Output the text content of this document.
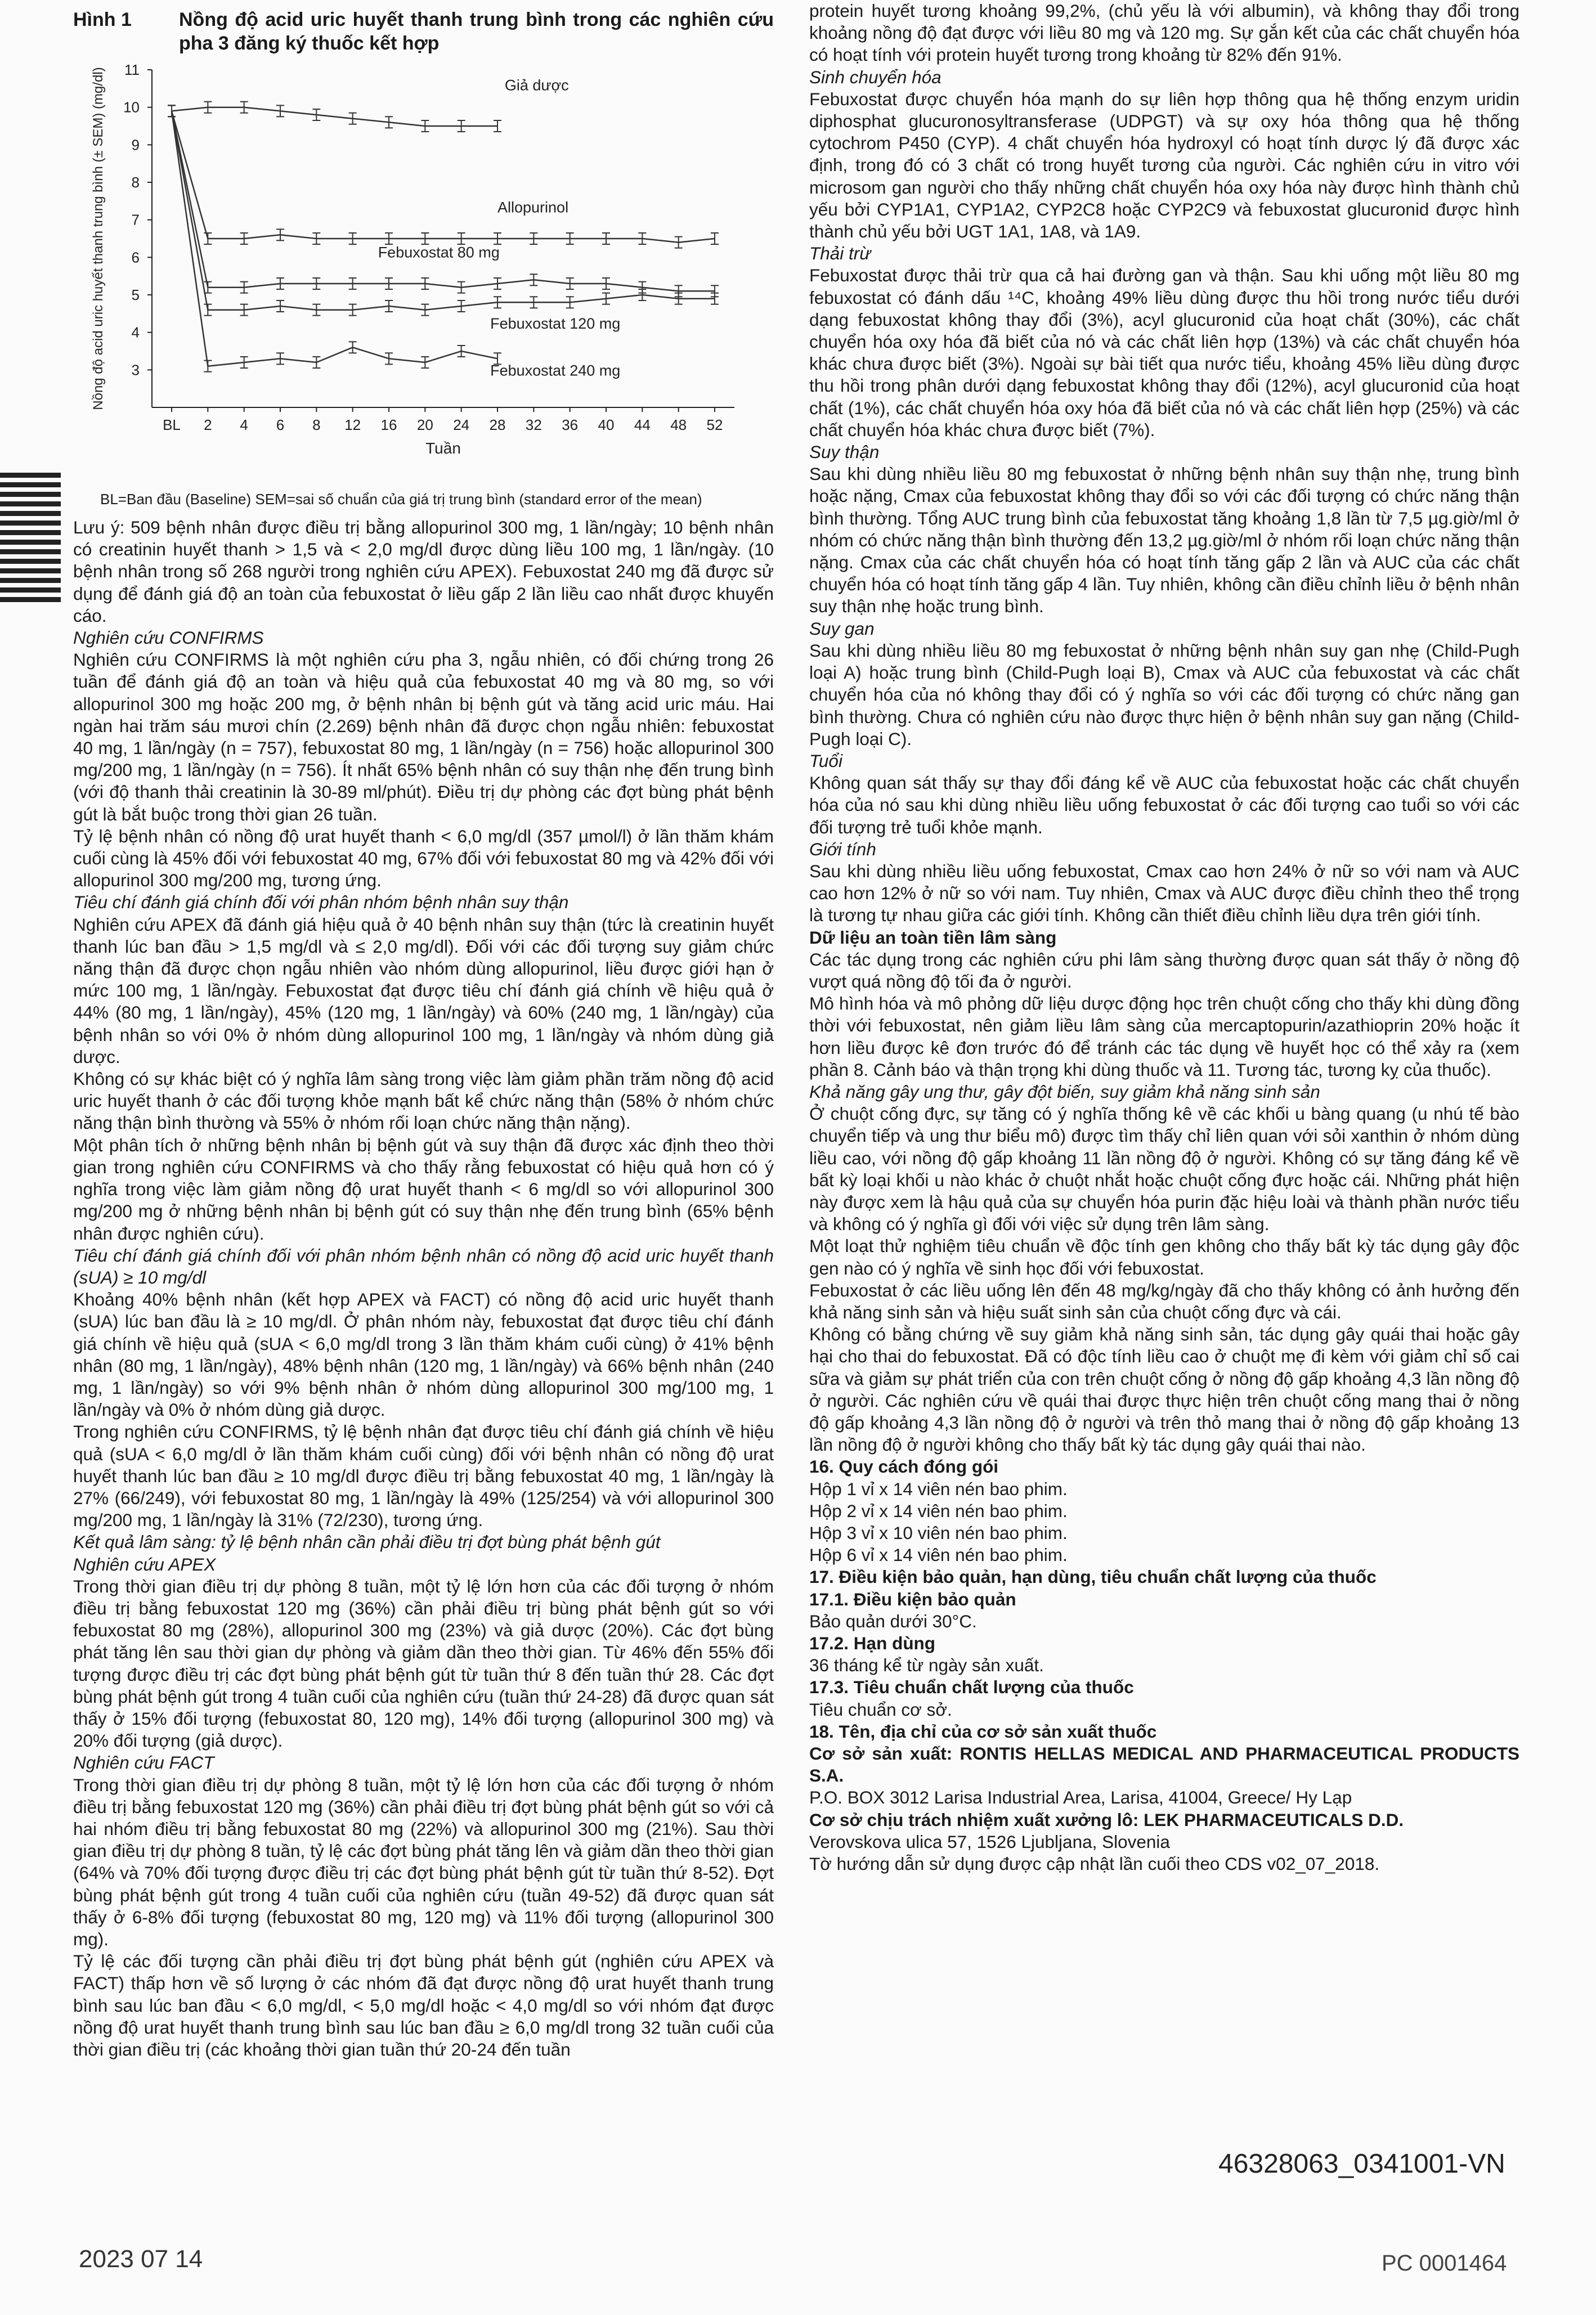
Hình 1	Nồng độ acid uric huyết thanh trung bình trong các nghiên cứu pha 3 đăng ký thuốc kết hợp
3
4
5
6
7
8
9
10
11
BL 2 4 6 8 12 16 20 24 28 32 36 40 44 48 52
Tuần
Nồng độ acid uric huyết thanh trung bình (± SEM) (mg/dl)	Giả dược
Allopurinol
Febuxostat 80 mg
Febuxostat 120 mg
Febuxostat 240 mg
BL=Ban đầu (Baseline) SEM=sai số chuẩn của giá trị trung bình (standard error of the mean)

Lưu ý: 509 bệnh nhân được điều trị bằng allopurinol 300 mg, 1 lần/ngày; 10 bệnh nhân có creatinin huyết thanh > 1,5 và < 2,0 mg/dl được dùng liều 100 mg, 1 lần/ngày. (10 bệnh nhân trong số 268 người trong nghiên cứu APEX). Febuxostat 240 mg đã được sử dụng để đánh giá độ an toàn của febuxostat ở liều gấp 2 lần liều cao nhất được khuyến cáo.

Nghiên cứu CONFIRMS

Nghiên cứu CONFIRMS là một nghiên cứu pha 3, ngẫu nhiên, có đối chứng trong 26 tuần để đánh giá độ an toàn và hiệu quả của febuxostat 40 mg và 80 mg, so với allopurinol 300 mg hoặc 200 mg, ở bệnh nhân bị bệnh gút và tăng acid uric máu. Hai ngàn hai trăm sáu mươi chín (2.269) bệnh nhân đã được chọn ngẫu nhiên: febuxostat 40 mg, 1 lần/ngày (n = 757), febuxostat 80 mg, 1 lần/ngày (n = 756) hoặc allopurinol 300 mg/200 mg, 1 lần/ngày (n = 756). Ít nhất 65% bệnh nhân có suy thận nhẹ đến trung bình (với độ thanh thải creatinin là 30-89 ml/phút). Điều trị dự phòng các đợt bùng phát bệnh gút là bắt buộc trong thời gian 26 tuần.

Tỷ lệ bệnh nhân có nồng độ urat huyết thanh < 6,0 mg/dl (357 µmol/l) ở lần thăm khám cuối cùng là 45% đối với febuxostat 40 mg, 67% đối với febuxostat 80 mg và 42% đối với allopurinol 300 mg/200 mg, tương ứng.

Tiêu chí đánh giá chính đối với phân nhóm bệnh nhân suy thận

Nghiên cứu APEX đã đánh giá hiệu quả ở 40 bệnh nhân suy thận (tức là creatinin huyết thanh lúc ban đầu > 1,5 mg/dl và ≤ 2,0 mg/dl). Đối với các đối tượng suy giảm chức năng thận đã được chọn ngẫu nhiên vào nhóm dùng allopurinol, liều được giới hạn ở mức 100 mg, 1 lần/ngày. Febuxostat đạt được tiêu chí đánh giá chính về hiệu quả ở 44% (80 mg, 1 lần/ngày), 45% (120 mg, 1 lần/ngày) và 60% (240 mg, 1 lần/ngày) của bệnh nhân so với 0% ở nhóm dùng allopurinol 100 mg, 1 lần/ngày và nhóm dùng giả dược.

Không có sự khác biệt có ý nghĩa lâm sàng trong việc làm giảm phần trăm nồng độ acid uric huyết thanh ở các đối tượng khỏe mạnh bất kể chức năng thận (58% ở nhóm chức năng thận bình thường và 55% ở nhóm rối loạn chức năng thận nặng).

Một phân tích ở những bệnh nhân bị bệnh gút và suy thận đã được xác định theo thời gian trong nghiên cứu CONFIRMS và cho thấy rằng febuxostat có hiệu quả hơn có ý nghĩa trong việc làm giảm nồng độ urat huyết thanh < 6 mg/dl so với allopurinol 300 mg/200 mg ở những bệnh nhân bị bệnh gút có suy thận nhẹ đến trung bình (65% bệnh nhân được nghiên cứu).

Tiêu chí đánh giá chính đối với phân nhóm bệnh nhân có nồng độ acid uric huyết thanh (sUA) ≥ 10 mg/dl

Khoảng 40% bệnh nhân (kết hợp APEX và FACT) có nồng độ acid uric huyết thanh (sUA) lúc ban đầu là ≥ 10 mg/dl. Ở phân nhóm này, febuxostat đạt được tiêu chí đánh giá chính về hiệu quả (sUA < 6,0 mg/dl trong 3 lần thăm khám cuối cùng) ở 41% bệnh nhân (80 mg, 1 lần/ngày), 48% bệnh nhân (120 mg, 1 lần/ngày) và 66% bệnh nhân (240 mg, 1 lần/ngày) so với 9% bệnh nhân ở nhóm dùng allopurinol 300 mg/100 mg, 1 lần/ngày và 0% ở nhóm dùng giả dược.

Trong nghiên cứu CONFIRMS, tỷ lệ bệnh nhân đạt được tiêu chí đánh giá chính về hiệu quả (sUA < 6,0 mg/dl ở lần thăm khám cuối cùng) đối với bệnh nhân có nồng độ urat huyết thanh lúc ban đầu ≥ 10 mg/dl được điều trị bằng febuxostat 40 mg, 1 lần/ngày là 27% (66/249), với febuxostat 80 mg, 1 lần/ngày là 49% (125/254) và với allopurinol 300 mg/200 mg, 1 lần/ngày là 31% (72/230), tương ứng.

Kết quả lâm sàng: tỷ lệ bệnh nhân cần phải điều trị đợt bùng phát bệnh gút

Nghiên cứu APEX

Trong thời gian điều trị dự phòng 8 tuần, một tỷ lệ lớn hơn của các đối tượng ở nhóm điều trị bằng febuxostat 120 mg (36%) cần phải điều trị bùng phát bệnh gút so với febuxostat 80 mg (28%), allopurinol 300 mg (23%) và giả dược (20%). Các đợt bùng phát tăng lên sau thời gian dự phòng và giảm dần theo thời gian. Từ 46% đến 55% đối tượng được điều trị các đợt bùng phát bệnh gút từ tuần thứ 8 đến tuần thứ 28. Các đợt bùng phát bệnh gút trong 4 tuần cuối của nghiên cứu (tuần thứ 24-28) đã được quan sát thấy ở 15% đối tượng (febuxostat 80, 120 mg), 14% đối tượng (allopurinol 300 mg) và 20% đối tượng (giả dược).

Nghiên cứu FACT

Trong thời gian điều trị dự phòng 8 tuần, một tỷ lệ lớn hơn của các đối tượng ở nhóm điều trị bằng febuxostat 120 mg (36%) cần phải điều trị đợt bùng phát bệnh gút so với cả hai nhóm điều trị bằng febuxostat 80 mg (22%) và allopurinol 300 mg (21%). Sau thời gian điều trị dự phòng 8 tuần, tỷ lệ các đợt bùng phát tăng lên và giảm dần theo thời gian (64% và 70% đối tượng được điều trị các đợt bùng phát bệnh gút từ tuần thứ 8-52). Đợt bùng phát bệnh gút trong 4 tuần cuối của nghiên cứu (tuần 49-52) đã được quan sát thấy ở 6-8% đối tượng (febuxostat 80 mg, 120 mg) và 11% đối tượng (allopurinol 300 mg).

Tỷ lệ các đối tượng cần phải điều trị đợt bùng phát bệnh gút (nghiên cứu APEX và FACT) thấp hơn về số lượng ở các nhóm đã đạt được nồng độ urat huyết thanh trung bình sau lúc ban đầu < 6,0 mg/dl, < 5,0 mg/dl hoặc < 4,0 mg/dl so với nhóm đạt được nồng độ urat huyết thanh trung bình sau lúc ban đầu ≥ 6,0 mg/dl trong 32 tuần cuối của thời gian điều trị (các khoảng thời gian tuần thứ 20-24 đến tuần

protein huyết tương khoảng 99,2%, (chủ yếu là với albumin), và không thay đổi trong khoảng nồng độ đạt được với liều 80 mg và 120 mg. Sự gắn kết của các chất chuyển hóa có hoạt tính với protein huyết tương trong khoảng từ 82% đến 91%.

Sinh chuyển hóa

Febuxostat được chuyển hóa mạnh do sự liên hợp thông qua hệ thống enzym uridin diphosphat glucuronosyltransferase (UDPGT) và sự oxy hóa thông qua hệ thống cytochrom P450 (CYP). 4 chất chuyển hóa hydroxyl có hoạt tính dược lý đã được xác định, trong đó có 3 chất có trong huyết tương của người. Các nghiên cứu in vitro với microsom gan người cho thấy những chất chuyển hóa oxy hóa này được hình thành chủ yếu bởi CYP1A1, CYP1A2, CYP2C8 hoặc CYP2C9 và febuxostat glucuronid được hình thành chủ yếu bởi UGT 1A1, 1A8, và 1A9.

Thải trừ

Febuxostat được thải trừ qua cả hai đường gan và thận. Sau khi uống một liều 80 mg febuxostat có đánh dấu ¹⁴C, khoảng 49% liều dùng được thu hồi trong nước tiểu dưới dạng febuxostat không thay đổi (3%), acyl glucuronid của hoạt chất (30%), các chất chuyển hóa oxy hóa đã biết của nó và các chất liên hợp (13%) và các chất chuyển hóa khác chưa được biết (3%). Ngoài sự bài tiết qua nước tiểu, khoảng 45% liều dùng được thu hồi trong phân dưới dạng febuxostat không thay đổi (12%), acyl glucuronid của hoạt chất (1%), các chất chuyển hóa oxy hóa đã biết của nó và các chất liên hợp (25%) và các chất chuyển hóa khác chưa được biết (7%).

Suy thận

Sau khi dùng nhiều liều 80 mg febuxostat ở những bệnh nhân suy thận nhẹ, trung bình hoặc nặng, Cmax của febuxostat không thay đổi so với các đối tượng có chức năng thận bình thường. Tổng AUC trung bình của febuxostat tăng khoảng 1,8 lần từ 7,5 µg.giờ/ml ở nhóm có chức năng thận bình thường đến 13,2 µg.giờ/ml ở nhóm rối loạn chức năng thận nặng. Cmax của các chất chuyển hóa có hoạt tính tăng gấp 2 lần và AUC của các chất chuyển hóa có hoạt tính tăng gấp 4 lần. Tuy nhiên, không cần điều chỉnh liều ở bệnh nhân suy thận nhẹ hoặc trung bình.

Suy gan

Sau khi dùng nhiều liều 80 mg febuxostat ở những bệnh nhân suy gan nhẹ (Child-Pugh loại A) hoặc trung bình (Child-Pugh loại B), Cmax và AUC của febuxostat và các chất chuyển hóa của nó không thay đổi có ý nghĩa so với các đối tượng có chức năng gan bình thường. Chưa có nghiên cứu nào được thực hiện ở bệnh nhân suy gan nặng (Child-Pugh loại C).

Tuổi

Không quan sát thấy sự thay đổi đáng kể về AUC của febuxostat hoặc các chất chuyển hóa của nó sau khi dùng nhiều liều uống febuxostat ở các đối tượng cao tuổi so với các đối tượng trẻ tuổi khỏe mạnh.

Giới tính

Sau khi dùng nhiều liều uống febuxostat, Cmax cao hơn 24% ở nữ so với nam và AUC cao hơn 12% ở nữ so với nam. Tuy nhiên, Cmax và AUC được điều chỉnh theo thể trọng là tương tự nhau giữa các giới tính. Không cần thiết điều chỉnh liều dựa trên giới tính.

Dữ liệu an toàn tiền lâm sàng

Các tác dụng trong các nghiên cứu phi lâm sàng thường được quan sát thấy ở nồng độ vượt quá nồng độ tối đa ở người.

Mô hình hóa và mô phỏng dữ liệu dược động học trên chuột cống cho thấy khi dùng đồng thời với febuxostat, nên giảm liều lâm sàng của mercaptopurin/azathioprin 20% hoặc ít hơn liều được kê đơn trước đó để tránh các tác dụng về huyết học có thể xảy ra (xem phần 8. Cảnh báo và thận trọng khi dùng thuốc và 11. Tương tác, tương kỵ của thuốc).

Khả năng gây ung thư, gây đột biến, suy giảm khả năng sinh sản

Ở chuột cống đực, sự tăng có ý nghĩa thống kê về các khối u bàng quang (u nhú tế bào chuyển tiếp và ung thư biểu mô) được tìm thấy chỉ liên quan với sỏi xanthin ở nhóm dùng liều cao, với nồng độ gấp khoảng 11 lần nồng độ ở người. Không có sự tăng đáng kể về bất kỳ loại khối u nào khác ở chuột nhắt hoặc chuột cống đực hoặc cái. Những phát hiện này được xem là hậu quả của sự chuyển hóa purin đặc hiệu loài và thành phần nước tiểu và không có ý nghĩa gì đối với việc sử dụng trên lâm sàng.

Một loạt thử nghiệm tiêu chuẩn về độc tính gen không cho thấy bất kỳ tác dụng gây độc gen nào có ý nghĩa về sinh học đối với febuxostat.

Febuxostat ở các liều uống lên đến 48 mg/kg/ngày đã cho thấy không có ảnh hưởng đến khả năng sinh sản và hiệu suất sinh sản của chuột cống đực và cái.

Không có bằng chứng về suy giảm khả năng sinh sản, tác dụng gây quái thai hoặc gây hại cho thai do febuxostat. Đã có độc tính liều cao ở chuột mẹ đi kèm với giảm chỉ số cai sữa và giảm sự phát triển của con trên chuột cống ở nồng độ gấp khoảng 4,3 lần nồng độ ở người. Các nghiên cứu về quái thai được thực hiện trên chuột cống mang thai ở nồng độ gấp khoảng 4,3 lần nồng độ ở người và trên thỏ mang thai ở nồng độ gấp khoảng 13 lần nồng độ ở người không cho thấy bất kỳ tác dụng gây quái thai nào.

16. Quy cách đóng gói

Hộp 1 vỉ x 14 viên nén bao phim.

Hộp 2 vỉ x 14 viên nén bao phim.

Hộp 3 vỉ x 10 viên nén bao phim.

Hộp 6 vỉ x 14 viên nén bao phim.

17. Điều kiện bảo quản, hạn dùng, tiêu chuẩn chất lượng của thuốc

17.1. Điều kiện bảo quản

Bảo quản dưới 30°C.

17.2. Hạn dùng

36 tháng kể từ ngày sản xuất.

17.3. Tiêu chuẩn chất lượng của thuốc

Tiêu chuẩn cơ sở.

18. Tên, địa chỉ của cơ sở sản xuất thuốc

Cơ sở sản xuất: RONTIS HELLAS MEDICAL AND PHARMACEUTICAL PRODUCTS S.A.

P.O. BOX 3012 Larisa Industrial Area, Larisa, 41004, Greece/ Hy Lạp

Cơ sở chịu trách nhiệm xuất xưởng lô: LEK PHARMACEUTICALS D.D.

Verovskova ulica 57, 1526 Ljubljana, Slovenia

Tờ hướng dẫn sử dụng được cập nhật lần cuối theo CDS v02_07_2018.

2023 07 14
46328063_0341001-VN
PC 0001464
